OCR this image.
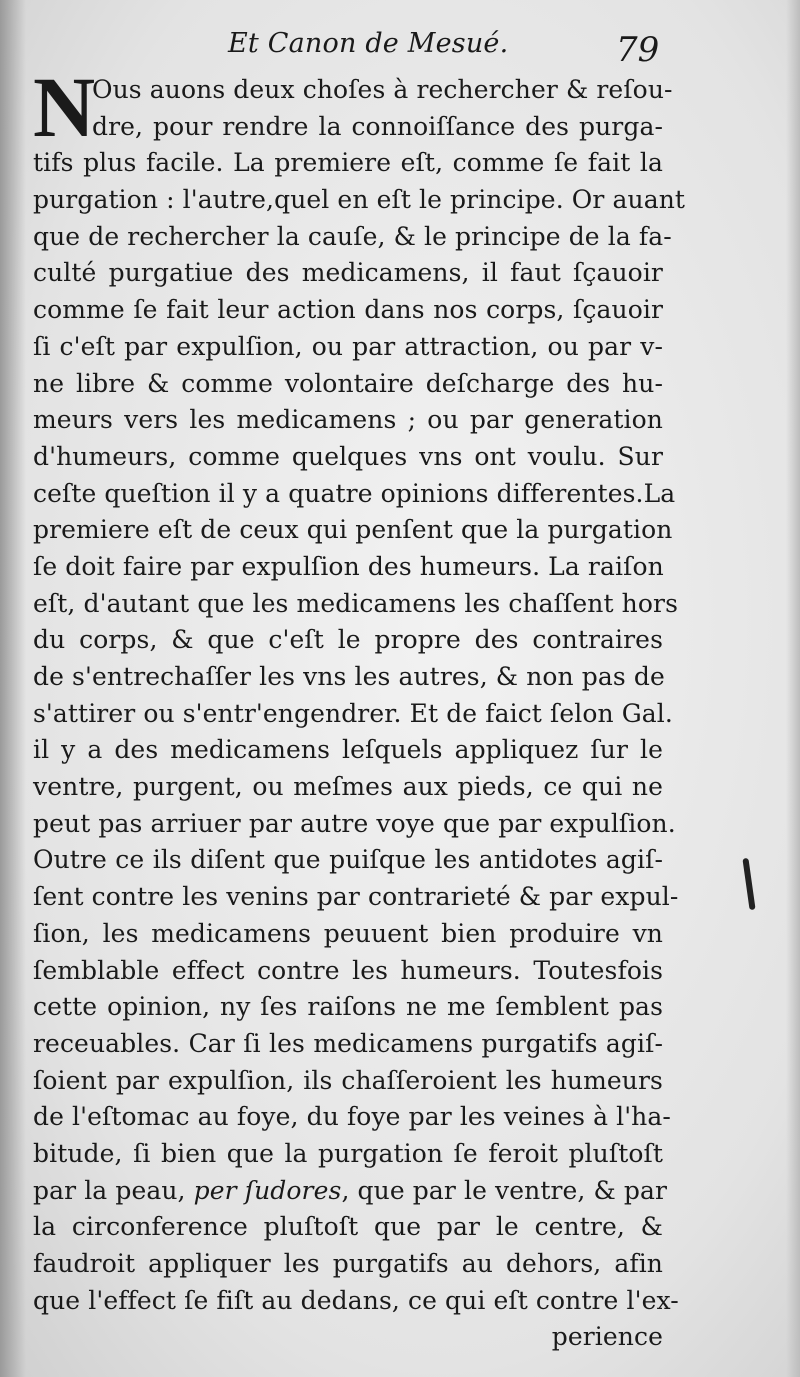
Et Canon de Mesué.	79
N
Ous auons deux choſes à rechercher & reſou-
dre, pour rendre la connoiſſance des purga-
tifs plus facile. La premiere eſt, comme ſe fait la
purgation : l'autre,quel en eſt le principe. Or auant
que de rechercher la cauſe, & le principe de la fa-
culté purgatiue des medicamens, il faut ſçauoir
comme ſe fait leur action dans nos corps, ſçauoir
ſi c'eſt par expulſion, ou par attraction, ou par v-
ne libre & comme volontaire deſcharge des hu-
meurs vers les medicamens ; ou par generation
d'humeurs, comme quelques vns ont voulu. Sur
ceſte queſtion il y a quatre opinions differentes.La
premiere eſt de ceux qui penſent que la purgation
ſe doit faire par expulſion des humeurs. La raiſon
eſt, d'autant que les medicamens les chaſſent hors
du corps, & que c'eſt le propre des contraires
de s'entrechaſſer les vns les autres, & non pas de
s'attirer ou s'entr'engendrer. Et de faict ſelon Gal.
il y a des medicamens leſquels appliquez ſur le
ventre, purgent, ou meſmes aux pieds, ce qui ne
peut pas arriuer par autre voye que par expulſion.
Outre ce ils diſent que puiſque les antidotes agiſ-
ſent contre les venins par contrarieté & par expul-
ſion, les medicamens peuuent bien produire vn
ſemblable effect contre les humeurs. Toutesfois
cette opinion, ny ſes raiſons ne me ſemblent pas
receuables. Car ſi les medicamens purgatifs agiſ-
ſoient par expulſion, ils chaſſeroient les humeurs
de l'eſtomac au foye, du foye par les veines à l'ha-
bitude, ſi bien que la purgation ſe feroit pluſtoſt
par la peau, per ſudores, que par le ventre, & par
la circonference pluſtoſt que par le centre, &
faudroit appliquer les purgatifs au dehors, afin
que l'effect ſe fiſt au dedans, ce qui eſt contre l'ex-
perience
